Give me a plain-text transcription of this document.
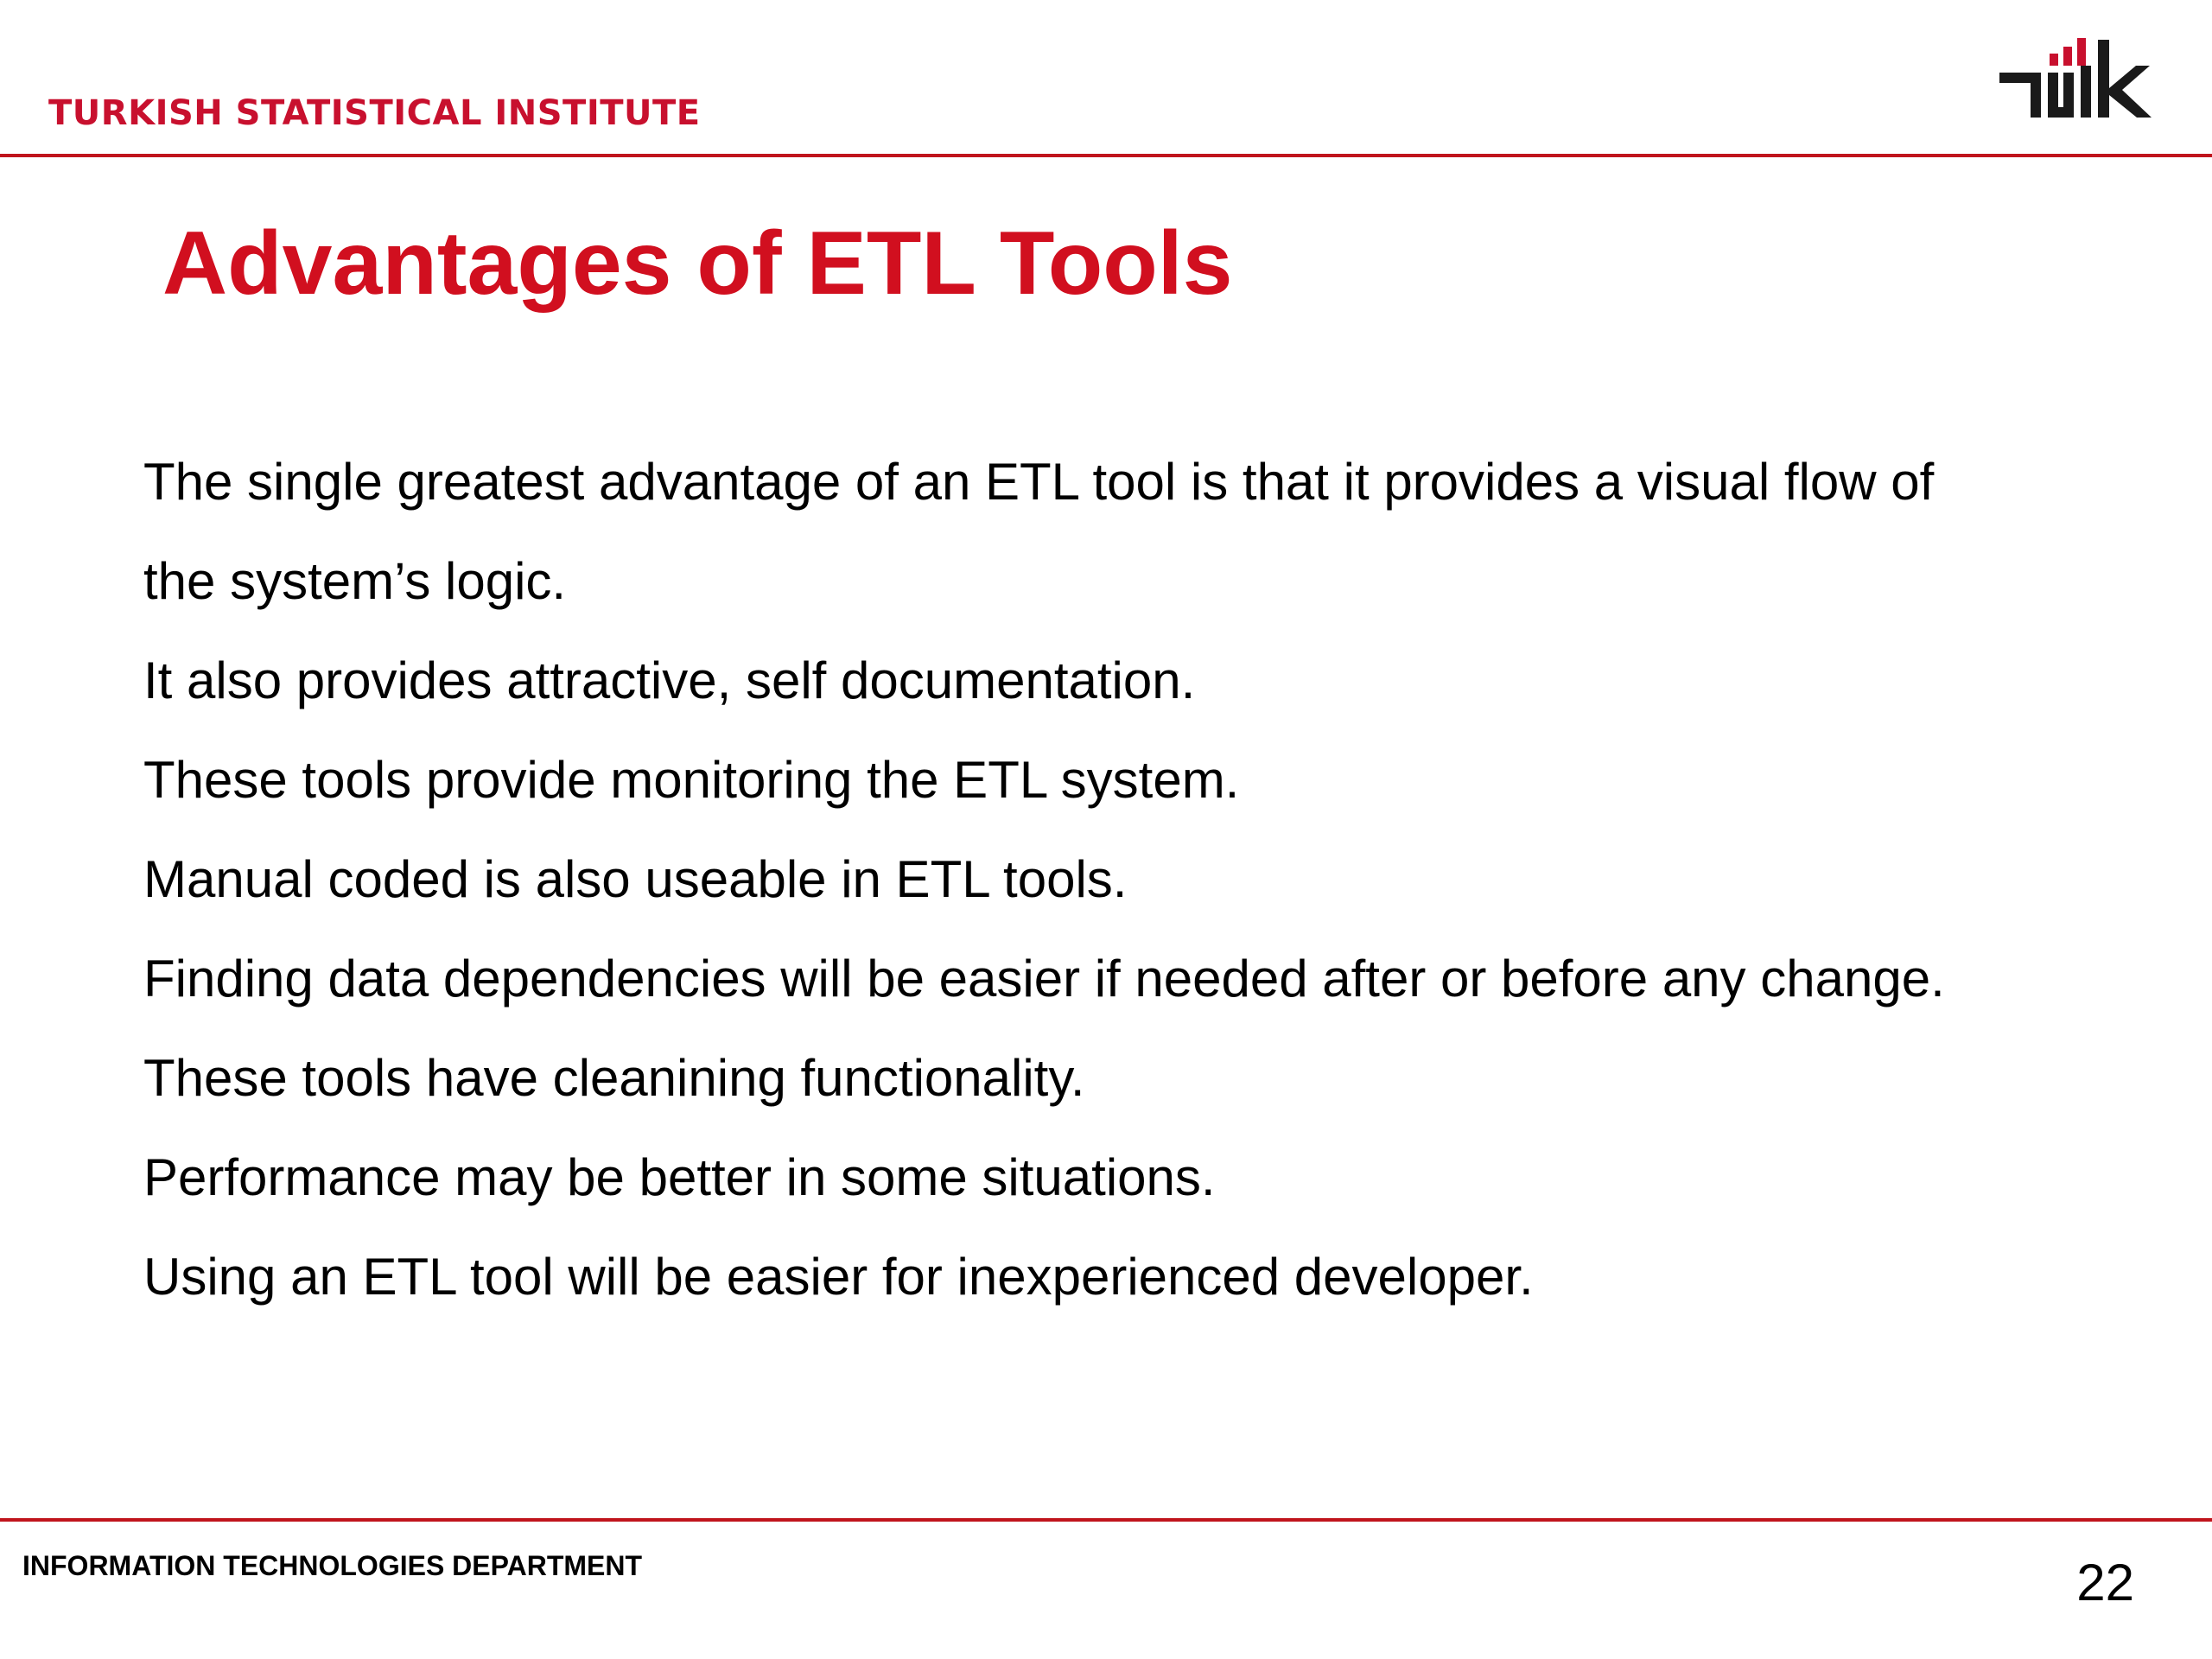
TURKISH STATISTICAL INSTITUTE
Advantages of ETL Tools
The single greatest advantage of an ETL tool is that it provides a visual flow of
the system’s logic.
It also provides attractive, self documentation.
These tools provide monitoring the ETL system.
Manual coded is also useable in ETL tools.
Finding data dependencies will be easier if needed after or before any change.
These tools have cleanining functionality.
Performance may be better in some situations.
Using an ETL tool will be easier for inexperienced developer.
INFORMATION TECHNOLOGIES DEPARTMENT	22
